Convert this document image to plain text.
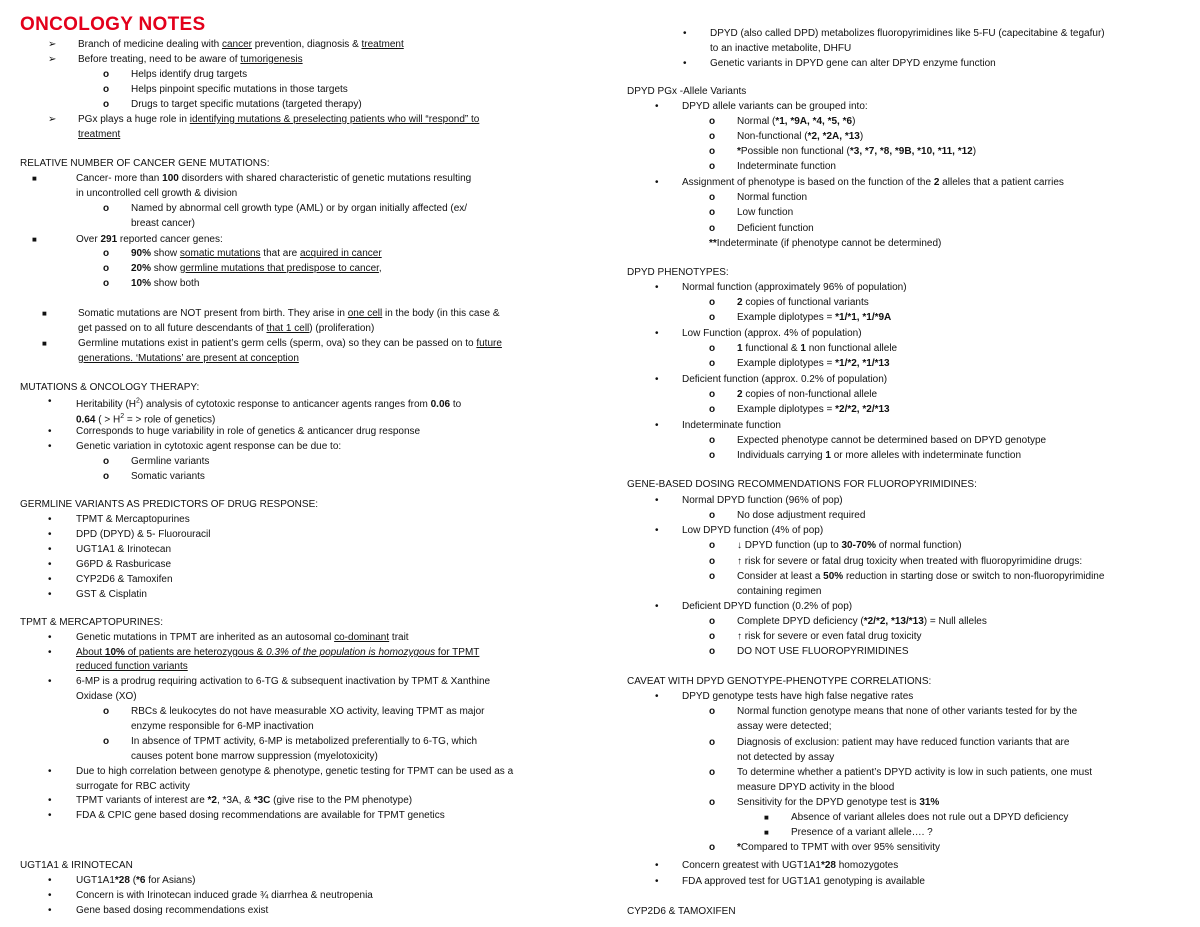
ONCOLOGY NOTES
➢ Branch of medicine dealing with cancer prevention, diagnosis & treatment
➢ Before treating, need to be aware of tumorigenesis
o Helps identify drug targets
o Helps pinpoint specific mutations in those targets
o Drugs to target specific mutations (targeted therapy)
➢ PGx plays a huge role in identifying mutations & preselecting patients who will “respond” to
treatment
RELATIVE NUMBER OF CANCER GENE MUTATIONS:
■	Cancer- more than 100 disorders with shared characteristic of genetic mutations resulting
in uncontrolled cell growth & division
o Named by abnormal cell growth type (AML) or by organ initially affected (ex/
breast cancer)
■	Over 291 reported cancer genes:
o 90% show somatic mutations that are acquired in cancer
o 20% show germline mutations that predispose to cancer,
o 10% show both
■	Somatic mutations are NOT present from birth. They arise in one cell in the body (in this case &
get passed on to all future descendants of that 1 cell) (proliferation)
■	Germline mutations exist in patient’s germ cells (sperm, ova) so they can be passed on to future
generations. ‘Mutations’ are present at conception
MUTATIONS & ONCOLOGY THERAPY:
• Heritability $(H^2)$ analysis of cytotoxic response to anticancer agents ranges from 0.06 to
0.64 ( > $H^2$ = > role of genetics)
• Corresponds to huge variability in role of genetics & anticancer drug response
• Genetic variation in cytotoxic agent response can be due to:
o Germline variants
o Somatic variants
GERMLINE VARIANTS AS PREDICTORS OF DRUG RESPONSE:
• TPMT & Mercaptopurines
• DPD (DPYD) & 5- Fluorouracil
• UGT1A1 & Irinotecan
• G6PD & Rasburicase
• CYP2D6 & Tamoxifen
• GST & Cisplatin
TPMT & MERCAPTOPURINES:
• Genetic mutations in TPMT are inherited as an autosomal co-dominant trait
• About 10% of patients are heterozygous & 0.3% of the population is homozygous for TPMT
reduced function variants
• 6-MP is a prodrug requiring activation to 6-TG & subsequent inactivation by TPMT & Xanthine
Oxidase (XO)
o RBCs & leukocytes do not have measurable XO activity, leaving TPMT as major
enzyme responsible for 6-MP inactivation
o In absence of TPMT activity, 6-MP is metabolized preferentially to 6-TG, which
causes potent bone marrow suppression (myelotoxicity)
• Due to high correlation between genotype & phenotype, genetic testing for TPMT can be used as a
surrogate for RBC activity
• TPMT variants of interest are *2, *3A, & *3C (give rise to the PM phenotype)
• FDA & CPIC gene based dosing recommendations are available for TPMT genetics
UGT1A1 & IRINOTECAN
• UGT1A1*28 (*6 for Asians)
• Concern is with Irinotecan induced grade ¾ diarrhea & neutropenia
• Gene based dosing recommendations exist
• DPYD (also called DPD) metabolizes fluoropyrimidines like 5-FU (capecitabine & tegafur)
to an inactive metabolite, DHFU
• Genetic variants in DPYD gene can alter DPYD enzyme function
DPYD PGx -Allele Variants
• DPYD allele variants can be grouped into:
o Normal (*1, *9A, *4, *5, *6)
o Non-functional (*2, *2A, *13)
o *Possible non functional (*3, *7, *8, *9B, *10, *11, *12)
o Indeterminate function
• Assignment of phenotype is based on the function of the 2 alleles that a patient carries
o Normal function
o Low function
o Deficient function
**Indeterminate (if phenotype cannot be determined)
DPYD PHENOTYPES:
• Normal function (approximately 96% of population)
o 2 copies of functional variants
o Example diplotypes = *1/*1, *1/*9A
• Low Function (approx. 4% of population)
o 1 functional & 1 non functional allele
o Example diplotypes = *1/*2, *1/*13
• Deficient function (approx. 0.2% of population)
o 2 copies of non-functional allele
o Example diplotypes = *2/*2, *2/*13
• Indeterminate function
o Expected phenotype cannot be determined based on DPYD genotype
o Individuals carrying 1 or more alleles with indeterminate function
GENE-BASED DOSING RECOMMENDATIONS FOR FLUOROPYRIMIDINES:
• Normal DPYD function (96% of pop)
o No dose adjustment required
• Low DPYD function (4% of pop)
o ↓ DPYD function (up to 30-70% of normal function)
o ↑ risk for severe or fatal drug toxicity when treated with fluoropyrimidine drugs:
o Consider at least a 50% reduction in starting dose or switch to non-fluoropyrimidine
containing regimen
• Deficient DPYD function (0.2% of pop)
o Complete DPYD deficiency (*2/*2, *13/*13) = Null alleles
o ↑ risk for severe or even fatal drug toxicity
o DO NOT USE FLUOROPYRIMIDINES
CAVEAT WITH DPYD GENOTYPE-PHENOTYPE CORRELATIONS:
• DPYD genotype tests have high false negative rates
o Normal function genotype means that none of other variants tested for by the
assay were detected;
o Diagnosis of exclusion: patient may have reduced function variants that are
not detected by assay
o To determine whether a patient’s DPYD activity is low in such patients, one must
measure DPYD activity in the blood
o Sensitivity for the DPYD genotype test is 31%
■ Absence of variant alleles does not rule out a DPYD deficiency
■ Presence of a variant allele…. ?
o *Compared to TPMT with over 95% sensitivity
• Concern greatest with UGT1A1*28 homozygotes
• FDA approved test for UGT1A1 genotyping is available
CYP2D6 & TAMOXIFEN
